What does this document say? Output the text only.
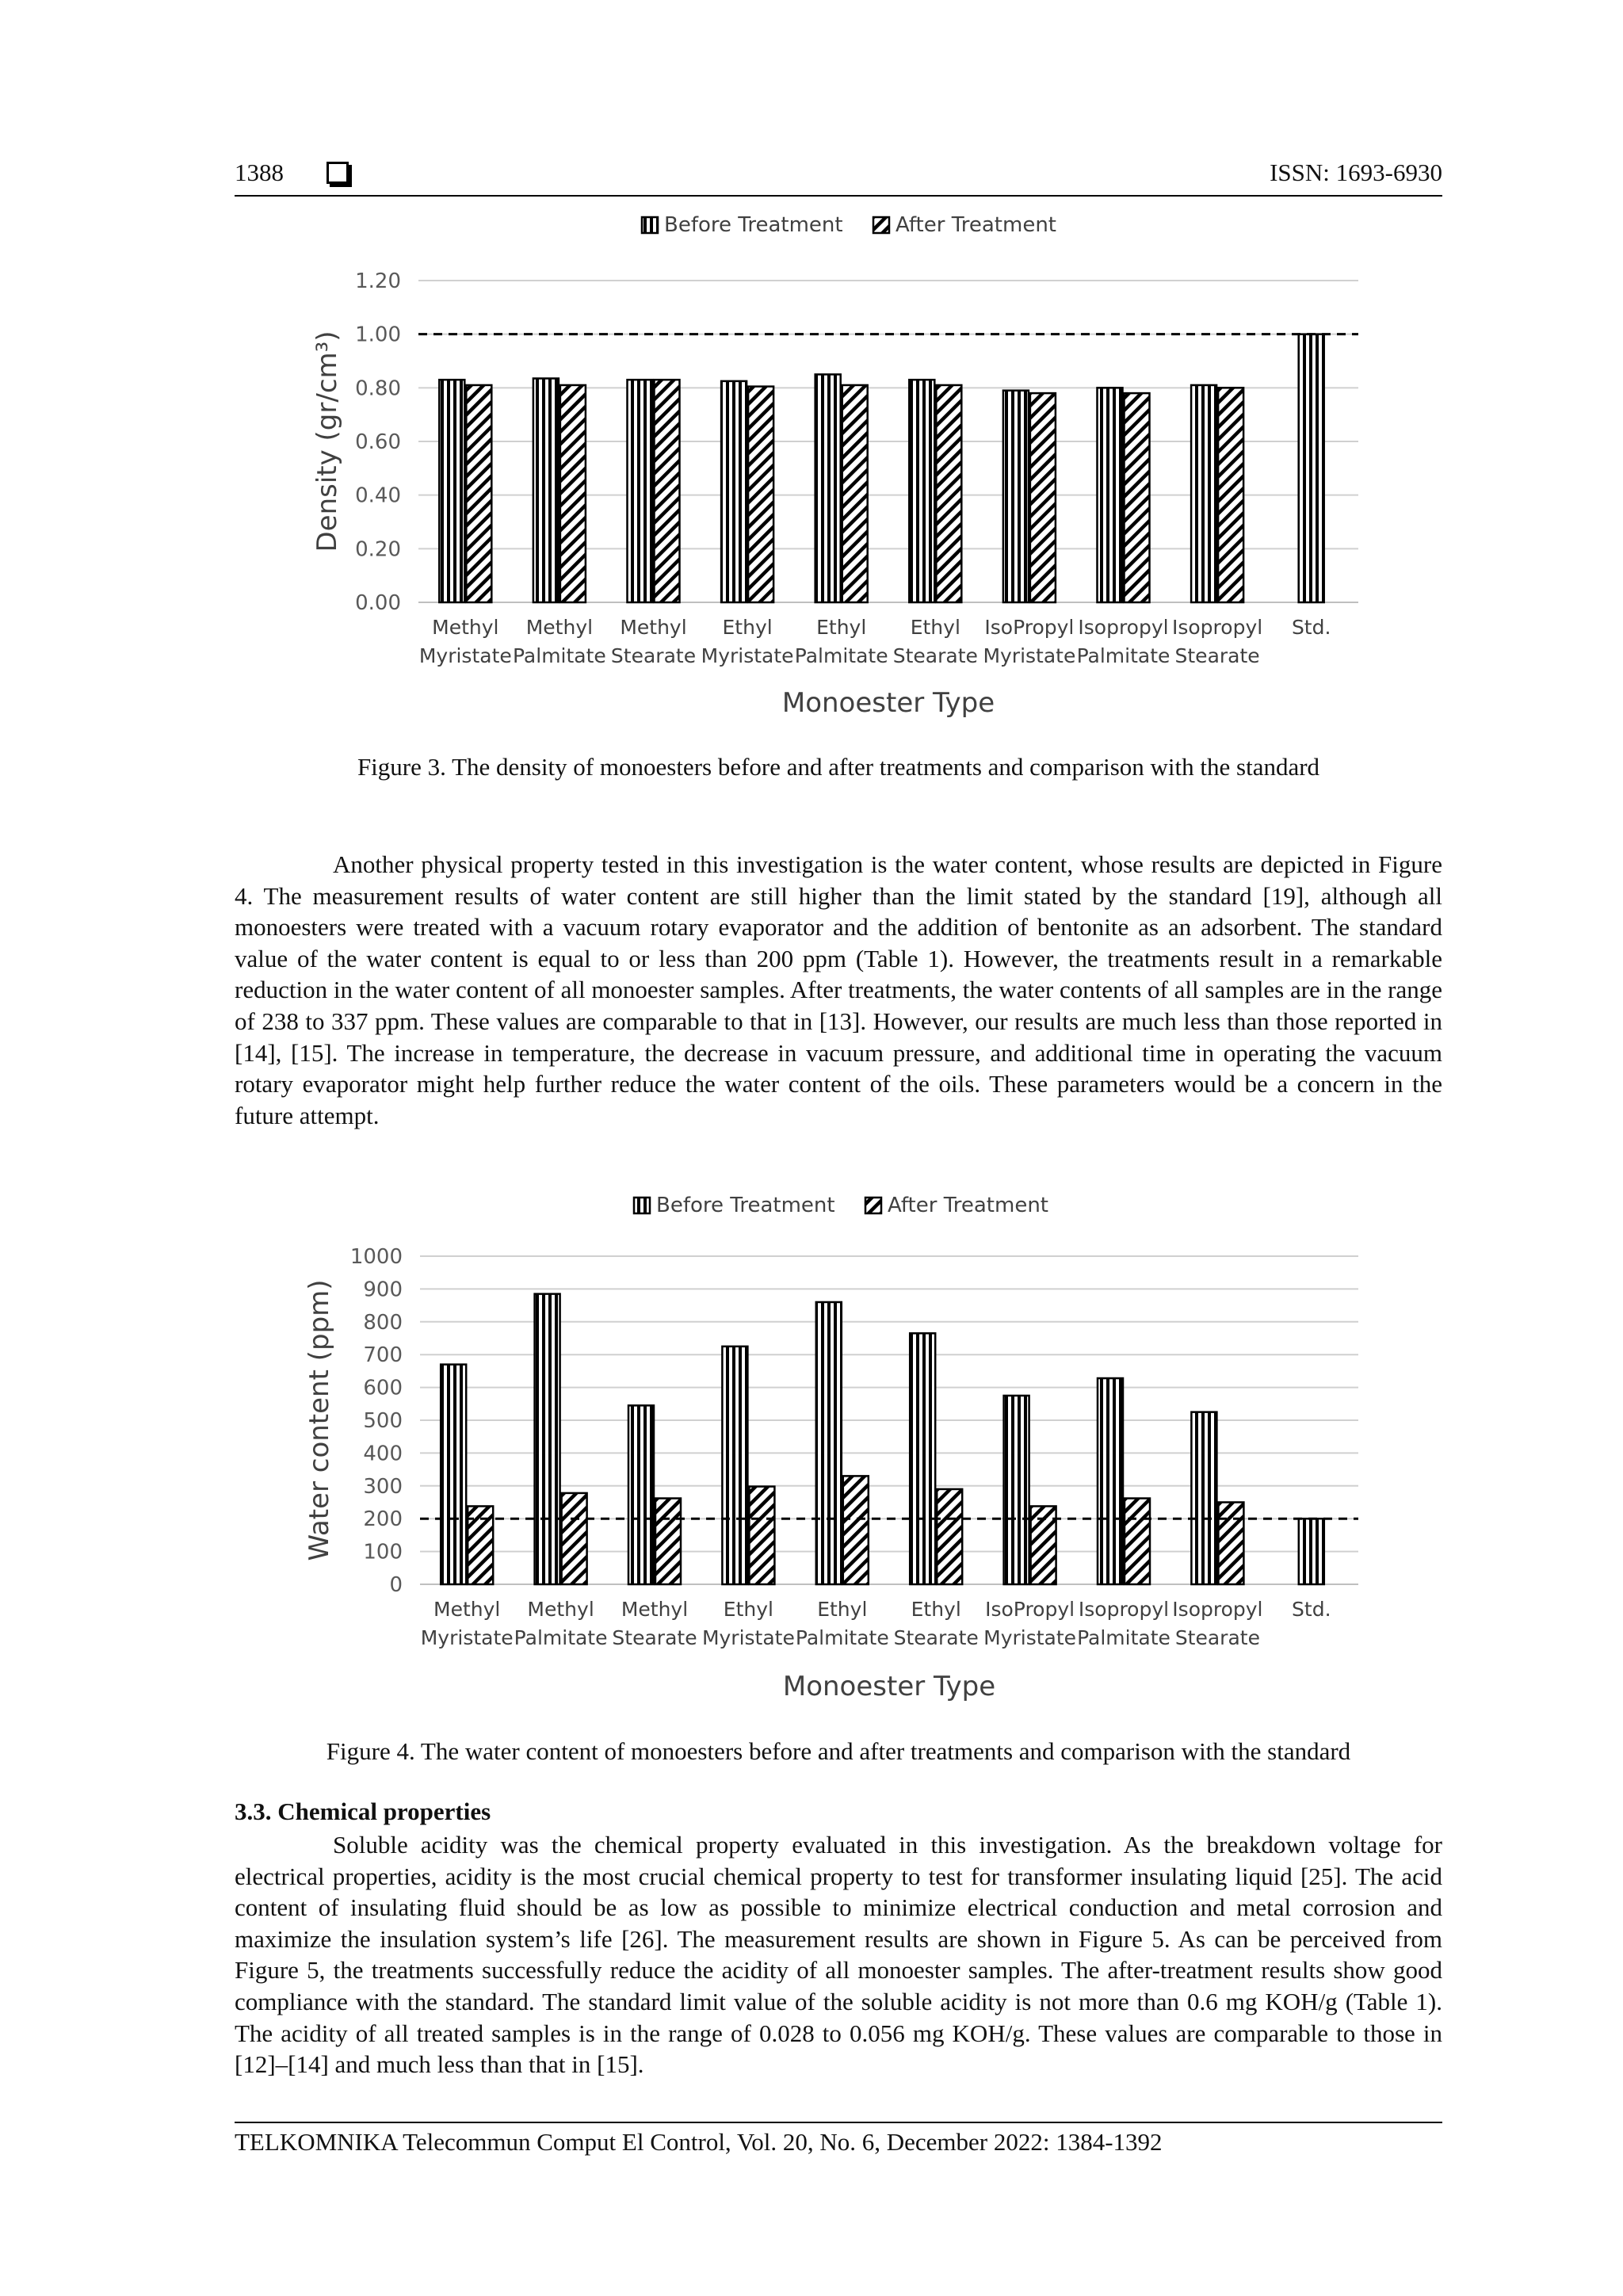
1388	ISSN: 1693-6930
0.00
0.20
0.40
0.60
0.80
1.00
1.20
Methyl
Myristate
Methyl
Palmitate
Methyl
Stearate
Ethyl
Myristate
Ethyl
Palmitate
Ethyl
Stearate
IsoPropyl
Myristate
Isopropyl
Palmitate
Isopropyl
Stearate
Std.
Monoester Type
Density (gr/cm³)
Before Treatment	After Treatment
Figure 3. The density of monoesters before and after treatments and comparison with the standard

Another physical property tested in this investigation is the water content, whose results are depicted in Figure 4. The measurement results of water content are still higher than the limit stated by the standard [19], although all monoesters were treated with a vacuum rotary evaporator and the addition of bentonite as an adsorbent. The standard value of the water content is equal to or less than 200 ppm (Table 1). However, the treatments result in a remarkable reduction in the water content of all monoester samples. After treatments, the water contents of all samples are in the range of 238 to 337 ppm. These values are comparable to that in [13]. However, our results are much less than those reported in [14], [15]. The increase in temperature, the decrease in vacuum pressure, and additional time in operating the vacuum rotary evaporator might help further reduce the water content of the oils. These parameters would be a concern in the future attempt.

0
100
200
300
400
500
600
700
800
900
1000
Methyl
Myristate
Methyl
Palmitate
Methyl
Stearate
Ethyl
Myristate
Ethyl
Palmitate
Ethyl
Stearate
IsoPropyl
Myristate
Isopropyl
Palmitate
Isopropyl
Stearate
Std.
Monoester Type
Water content (ppm)
Before Treatment	After Treatment
Figure 4. The water content of monoesters before and after treatments and comparison with the standard
3.3. Chemical properties

Soluble acidity was the chemical property evaluated in this investigation. As the breakdown voltage for electrical properties, acidity is the most crucial chemical property to test for transformer insulating liquid [25]. The acid content of insulating fluid should be as low as possible to minimize electrical conduction and metal corrosion and maximize the insulation system’s life [26]. The measurement results are shown in Figure 5. As can be perceived from Figure 5, the treatments successfully reduce the acidity of all monoester samples. The after-treatment results show good compliance with the standard. The standard limit value of the soluble acidity is not more than 0.6 mg KOH/g (Table 1). The acidity of all treated samples is in the range of 0.028 to 0.056 mg KOH/g. These values are comparable to those in [12]–[14] and much less than that in [15].

TELKOMNIKA Telecommun Comput El Control, Vol. 20, No. 6, December 2022: 1384-1392
